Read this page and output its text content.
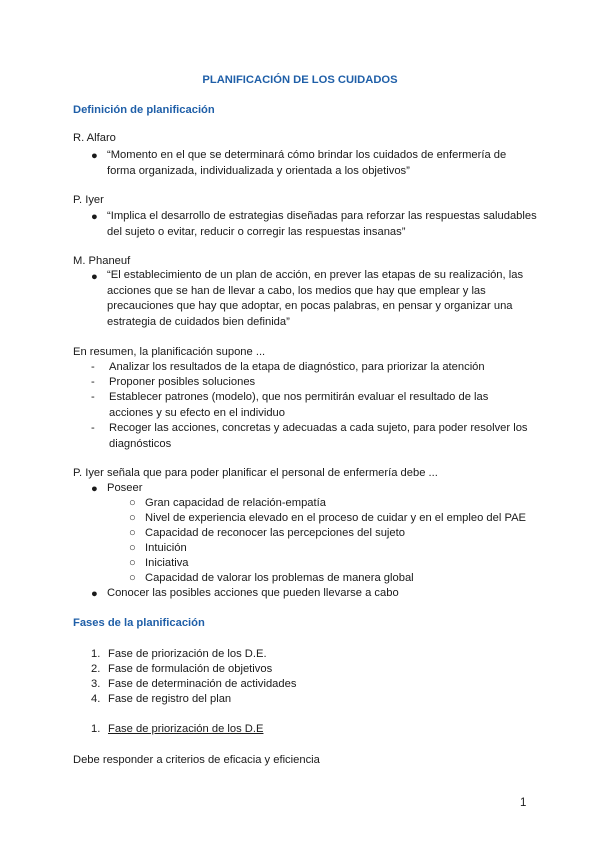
PLANIFICACIÓN DE LOS CUIDADOS
Definición de planificación
R. Alfaro
● “Momento en el que se determinará cómo brindar los cuidados de enfermería de forma organizada, individualizada y orientada a los objetivos”
P. Iyer
● “Implica el desarrollo de estrategias diseñadas para reforzar las respuestas saludables del sujeto o evitar, reducir o corregir las respuestas insanas”
M. Phaneuf
● “El establecimiento de un plan de acción, en prever las etapas de su realización, las acciones que se han de llevar a cabo, los medios que hay que emplear y las precauciones que hay que adoptar, en pocas palabras, en pensar y organizar una estrategia de cuidados bien definida”
En resumen, la planificación supone ...
- Analizar los resultados de la etapa de diagnóstico, para priorizar la atención
- Proponer posibles soluciones
- Establecer patrones (modelo), que nos permitirán evaluar el resultado de las acciones y su efecto en el individuo
- Recoger las acciones, concretas y adecuadas a cada sujeto, para poder resolver los diagnósticos
P. Iyer señala que para poder planificar el personal de enfermería debe ...
● Poseer
○ Gran capacidad de relación-empatía
○ Nivel de experiencia elevado en el proceso de cuidar y en el empleo del PAE
○ Capacidad de reconocer las percepciones del sujeto
○ Intuición
○ Iniciativa
○ Capacidad de valorar los problemas de manera global
● Conocer las posibles acciones que pueden llevarse a cabo
Fases de la planificación
1. Fase de priorización de los D.E.
2. Fase de formulación de objetivos
3. Fase de determinación de actividades
4. Fase de registro del plan
1. Fase de priorización de los D.E
Debe responder a criterios de eficacia y eficiencia
1
